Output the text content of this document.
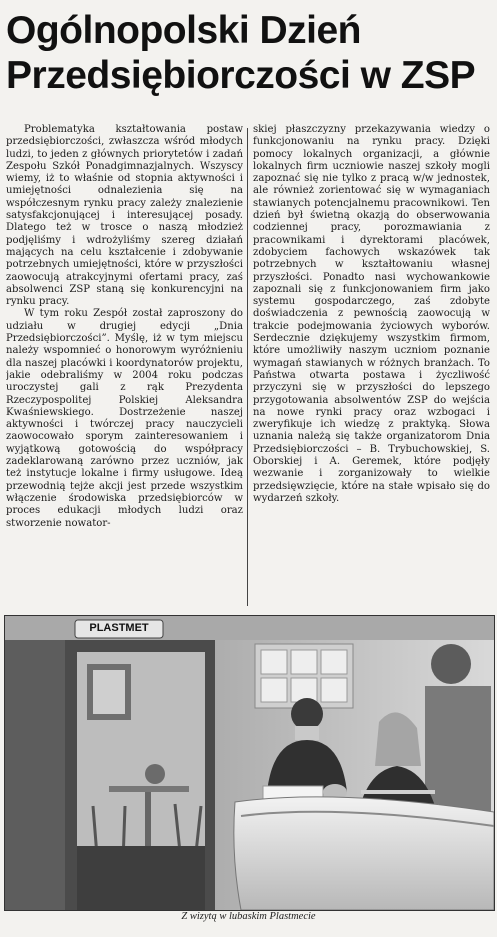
Ogólnopolski Dzień
Przedsiębiorczości w ZSP

Problematyka kształtowania postaw przedsiębiorczości, zwłaszcza wśród młodych ludzi, to jeden z głównych priorytetów i zadań Zespołu Szkół Ponadgimnazjalnych. Wszyscy wiemy, iż to właśnie od stopnia aktywności i umiejętności odnalezienia się na współczesnym rynku pracy zależy znalezienie satysfakcjonującej i interesującej posady. Dlatego też w trosce o naszą młodzież podjęliśmy i wdrożyliśmy szereg działań mających na celu kształcenie i zdobywanie potrzebnych umiejętności, które w przyszłości zaowocują atrakcyjnymi ofertami pracy, zaś absolwenci ZSP staną się konkurencyjni na rynku pracy.

W tym roku Zespół został zaproszony do udziału w drugiej edycji „Dnia Przedsiębiorczości”. Myślę, iż w tym miejscu należy wspomnieć o honorowym wyróżnieniu dla naszej placówki i koordynatorów projektu, jakie odebraliśmy w 2004 roku podczas uroczystej gali z rąk Prezydenta Rzeczypospolitej Polskiej Aleksandra Kwaśniewskiego. Dostrzeżenie naszej aktywności i twórczej pracy nauczycieli zaowocowało sporym zainteresowaniem i wyjątkową gotowością do współpracy zadeklarowaną zarówno przez uczniów, jak też instytucje lokalne i firmy usługowe. Ideą przewodnią tejże akcji jest przede wszystkim włączenie środowiska przedsiębiorców w proces edukacji młodych ludzi oraz stworzenie nowator-

skiej płaszczyzny przekazywania wiedzy o funkcjonowaniu na rynku pracy. Dzięki pomocy lokalnych organizacji, a głównie lokalnych firm uczniowie naszej szkoły mogli zapoznać się nie tylko z pracą w/w jednostek, ale również zorientować się w wymaganiach stawianych potencjalnemu pracownikowi. Ten dzień był świetną okazją do obserwowania codziennej pracy, porozmawiania z pracownikami i dyrektorami placówek, zdobyciem fachowych wskazówek tak potrzebnych w kształtowaniu własnej przyszłości. Ponadto nasi wychowankowie zapoznali się z funkcjonowaniem firm jako systemu gospodarczego, zaś zdobyte doświadczenia z pewnością zaowocują w trakcie podejmowania życiowych wyborów. Serdecznie dziękujemy wszystkim firmom, które umożliwiły naszym uczniom poznanie wymagań stawianych w różnych branżach. To Państwa otwarta postawa i życzliwość przyczyni się w przyszłości do lepszego przygotowania absolwentów ZSP do wejścia na nowe rynki pracy oraz wzbogaci i zweryfikuje ich wiedzę z praktyką. Słowa uznania należą się także organizatorom Dnia Przedsiębiorczości – B. Trybuchowskiej, S. Oborskiej i A. Geremek, które podjęły wezwanie i zorganizowały to wielkie przedsięwzięcie, które na stałe wpisało się do wydarzeń szkoły.

PLASTMET
Z wizytą w lubaskim Plastmecie
